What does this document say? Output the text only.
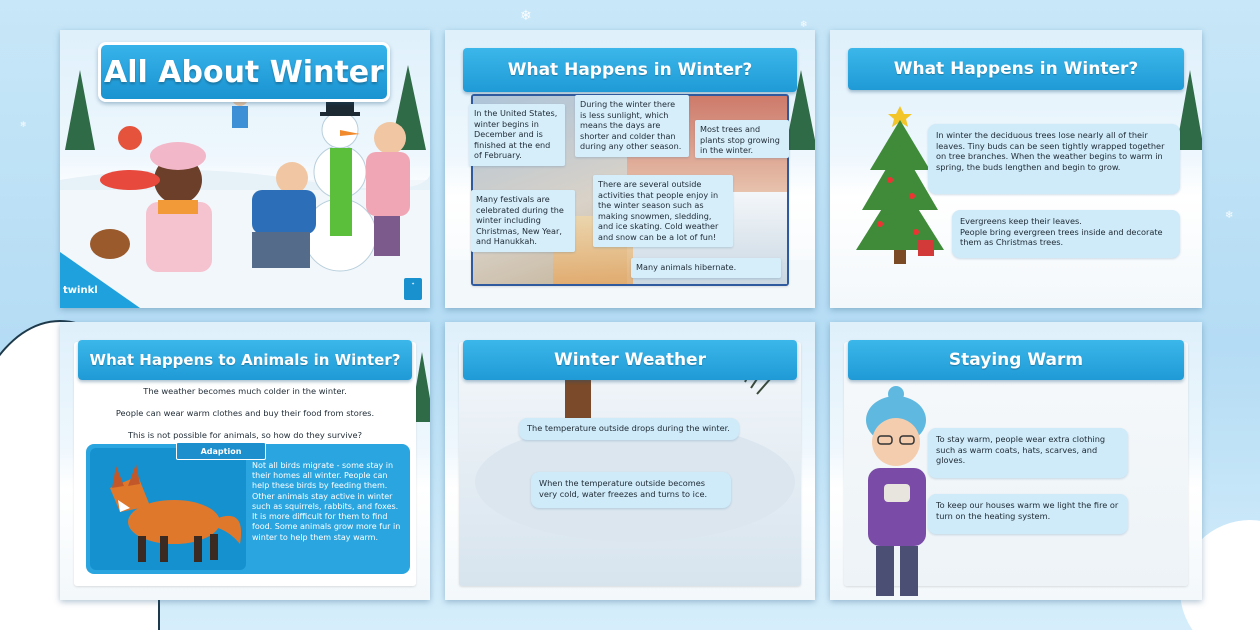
❄
❄
❄
❄
All About Winter
twinkl
✦
What Happens in Winter?
In the United States, winter begins in December and is finished at the end of February.
During the winter there is less sunlight, which means the days are shorter and colder than during any other season.
Most trees and plants stop growing in the winter.
There are several outside activities that people enjoy in the winter season such as making snowmen, sledding, and ice skating. Cold weather and snow can be a lot of fun!
Many festivals are celebrated during the winter including Christmas, New Year, and Hanukkah.
Many animals hibernate.
What Happens in Winter?
In winter the deciduous trees lose nearly all of their leaves. Tiny buds can be seen tightly wrapped together on tree branches. When the weather begins to warm in spring, the buds lengthen and begin to grow.
Evergreens keep their leaves.
People bring evergreen trees inside and decorate them as Christmas trees.
What Happens to Animals in Winter?
The weather becomes much colder in the winter.
People can wear warm clothes and buy their food from stores.
This is not possible for animals, so how do they survive?
Adaption
Not all birds migrate - some stay in their homes all winter. People can help these birds by feeding them. Other animals stay active in winter such as squirrels, rabbits, and foxes. It is more difficult for them to find food. Some animals grow more fur in winter to help them stay warm.
Winter Weather
The temperature outside drops during the winter.
When the temperature outside becomes very cold, water freezes and turns to ice.
Staying Warm
To stay warm, people wear extra clothing such as warm coats, hats, scarves, and gloves.
To keep our houses warm we light the fire or turn on the heating system.
